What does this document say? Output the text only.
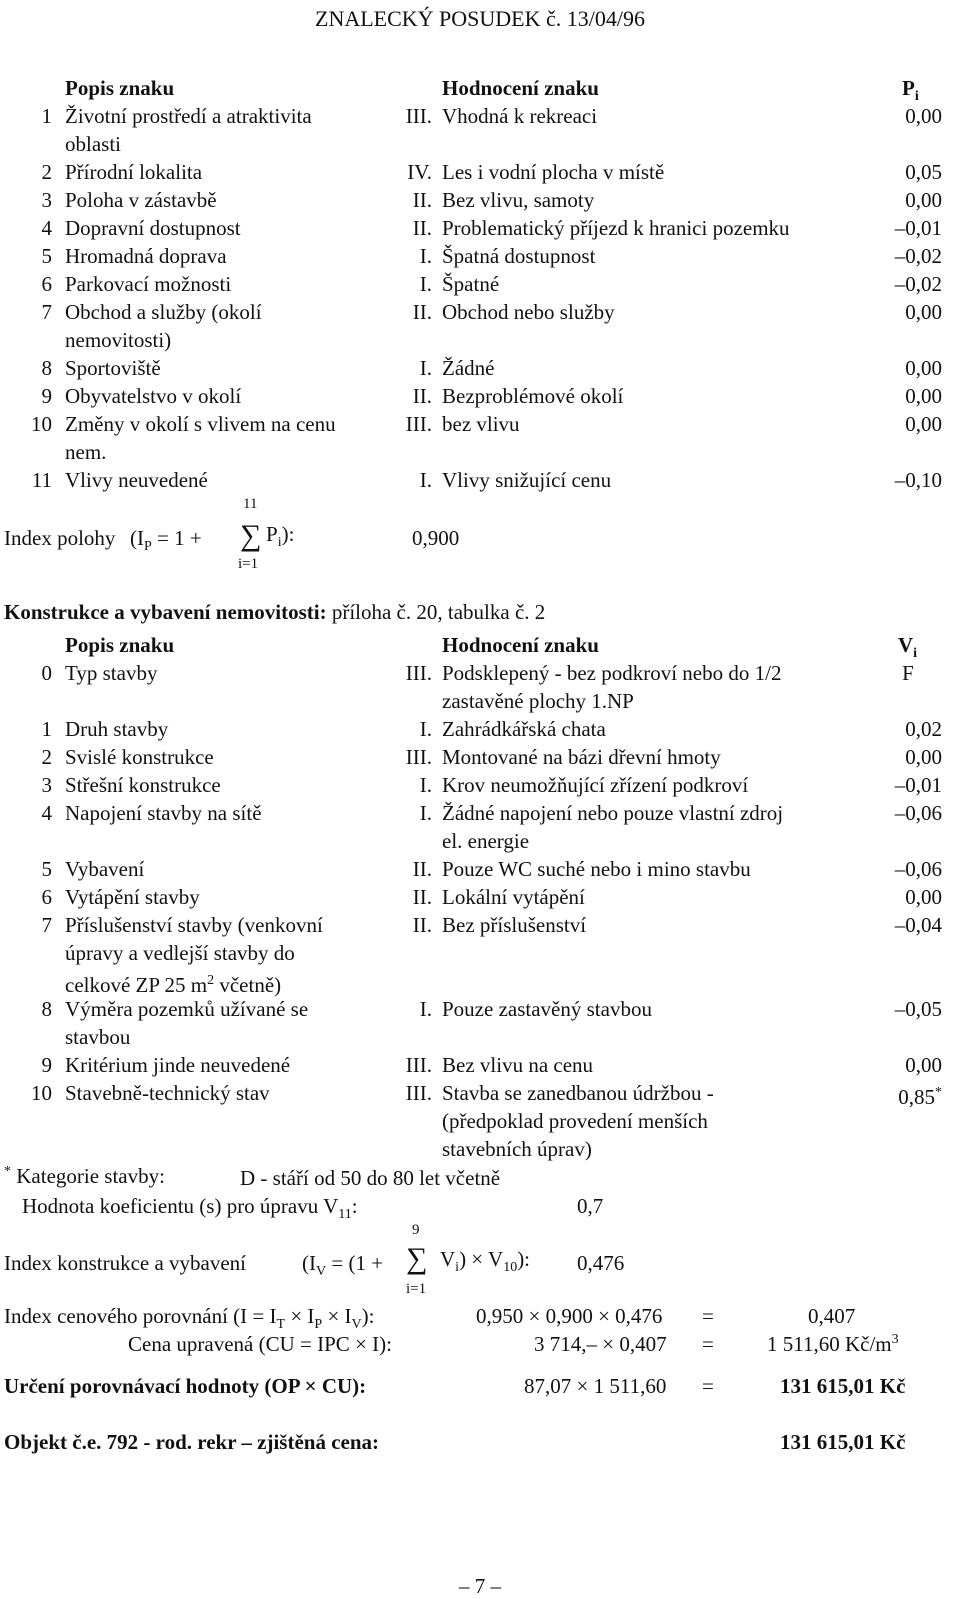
ZNALECKÝ POSUDEK č. 13/04/96
Popis znaku	Hodnocení znaku	$P_i$
1 Životní prostředí a atraktivita	III. Vhodná k rekreaci	0,00
oblasti
2 Přírodní lokalita	IV. Les i vodní plocha v místě	0,05
3 Poloha v zástavbě	II. Bez vlivu, samoty	0,00
4 Dopravní dostupnost	II. Problematický příjezd k hranici pozemku	–0,01
5 Hromadná doprava	I. Špatná dostupnost	–0,02
6 Parkovací možnosti	I. Špatné	–0,02
7 Obchod a služby (okolí	II. Obchod nebo služby	0,00
nemovitosti)
8 Sportoviště	I. Žádné	0,00
9 Obyvatelstvo v okolí	II. Bezproblémové okolí	0,00
10 Změny v okolí s vlivem na cenu	III. bez vlivu	0,00
nem.
11 Vlivy neuvedené	I. Vlivy snižující cenu	–0,10
Index polohy ($I_P = 1$ +
11
∑
i=1
$P_i$):	0,900
Konstrukce a vybavení nemovitosti: příloha č. 20, tabulka č. 2
Popis znaku	Hodnocení znaku	$V_i$
0 Typ stavby	III. Podsklepený - bez podkroví nebo do 1/2	F
zastavěné plochy 1.NP
1 Druh stavby	I. Zahrádkářská chata	0,02
2 Svislé konstrukce	III. Montované na bázi dřevní hmoty	0,00
3 Střešní konstrukce	I. Krov neumožňující zřízení podkroví	–0,01
4 Napojení stavby na sítě	I. Žádné napojení nebo pouze vlastní zdroj	–0,06
el. energie
5 Vybavení	II. Pouze WC suché nebo i mino stavbu	–0,06
6 Vytápění stavby	II. Lokální vytápění	0,00
7 Příslušenství stavby (venkovní	II. Bez příslušenství	–0,04
úpravy a vedlejší stavby do
celkové ZP 25 $m^2$ včetně)
8 Výměra pozemků užívané se	I. Pouze zastavěný stavbou	–0,05
stavbou
9 Kritérium jinde neuvedené	III. Bez vlivu na cenu	0,00
10 Stavebně-technický stav	III. Stavba se zanedbanou údržbou -	0,85*
(předpoklad provedení menších
stavebních úprav)
* Kategorie stavby:	D - stáří od 50 do 80 let včetně
Hodnota koeficientu (s) pro úpravu $V_{11}$:	0,7
Index konstrukce a vybavení	($I_V = (1$ +
9
∑
i=1
$V_i) \times V_{10}$): 0,476
Index cenového porovnání $(I = I_T \times I_P \times I_V)$:	0,950 × 0,900 × 0,476 =	0,407
Cena upravená (CU = IPC × I):	3 714,– × 0,407 =	1 511,60 $Kč/m^3$
Určení porovnávací hodnoty (OP × CU):	87,07 × 1 511,60 =	131 615,01 Kč
Objekt č.e. 792 - rod. rekr – zjištěná cena:	131 615,01 Kč
– 7 –
